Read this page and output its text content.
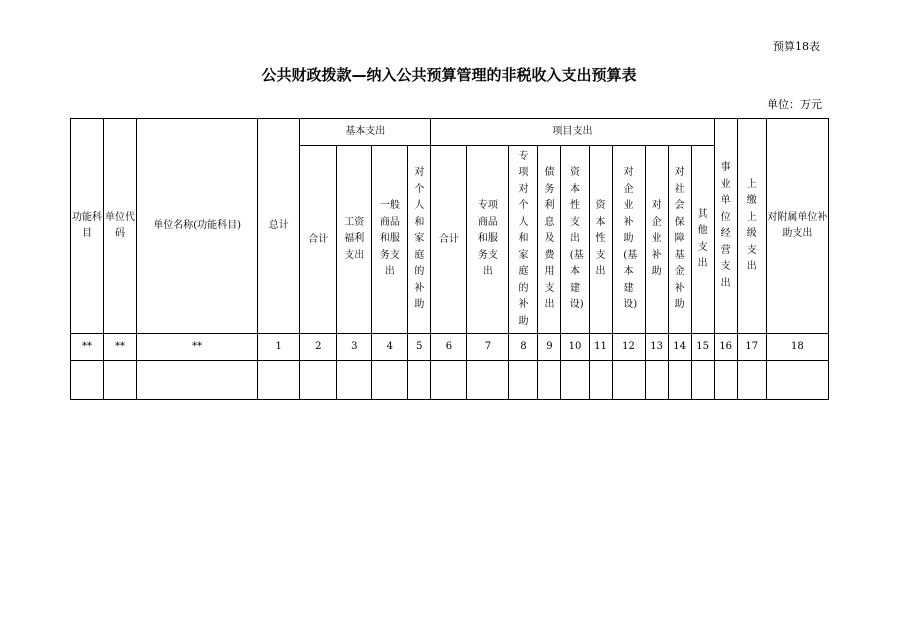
预算18表
公共财政拨款—纳入公共预算管理的非税收入支出预算表
单位：万元
功能科目	单位代码	单位名称(功能科目)	总计	基本支出				项目支出										事业单位经营支出	上缴上级支出	对附属单位补助支出
				合计	工资福利支出	一般商品和服务支出	对个人和家庭的补助	合计	专项商品和服务支出	专项对个人和家庭的补助	债务利息及费用支出	资本性支出(基本建设)	资本性支出	对企业补助(基本建设)	对企业补助	对社会保障基金补助	其他支出			
**	**	**	1	2	3	4	5	6	7	8	9	10	11	12	13	14	15	16	17	18
